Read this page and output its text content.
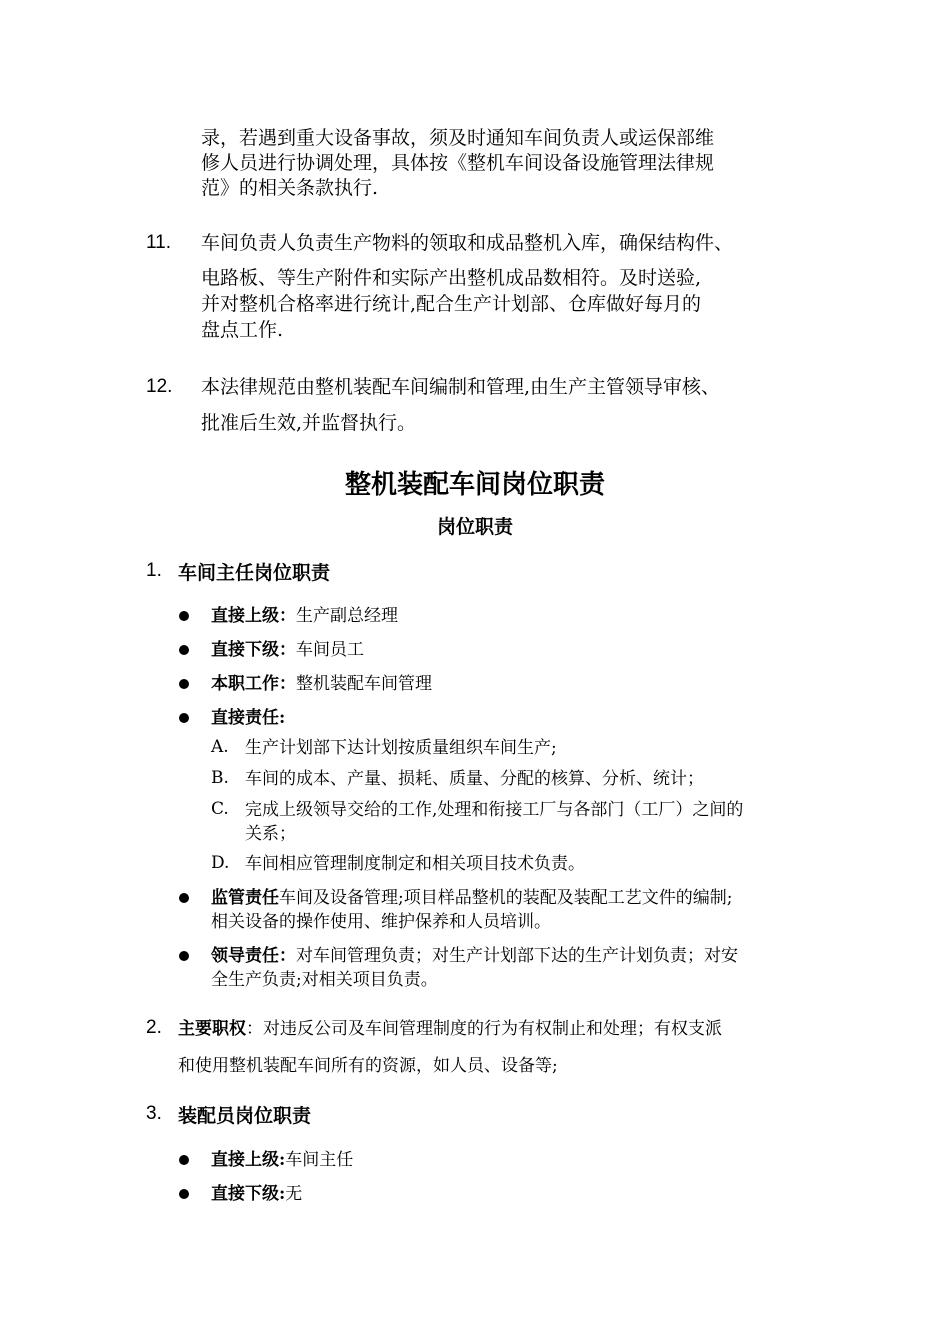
录，若遇到重大设备事故，须及时通知车间负责人或运保部维
修人员进行协调处理，具体按《整机车间设备设施管理法律规
范》的相关条款执行.
11. 车间负责人负责生产物料的领取和成品整机入库，确保结构件、
电路板、等生产附件和实际产出整机成品数相符。及时送验,
并对整机合格率进行统计,配合生产计划部、仓库做好每月的
盘点工作.
12. 本法律规范由整机装配车间编制和管理,由生产主管领导审核、
批准后生效,并监督执行。
整机装配车间岗位职责
岗位职责
1. 车间主任岗位职责
直接上级：生产副总经理
直接下级：车间员工
本职工作：整机装配车间管理
直接责任:
A. 生产计划部下达计划按质量组织车间生产;
B. 车间的成本、产量、损耗、质量、分配的核算、分析、统计；
C. 完成上级领导交给的工作,处理和衔接工厂与各部门（工厂）之间的
关系；
D. 车间相应管理制度制定和相关项目技术负责。
监管责任车间及设备管理;项目样品整机的装配及装配工艺文件的编制;
相关设备的操作使用、维护保养和人员培训。
领导责任：对车间管理负责；对生产计划部下达的生产计划负责；对安
全生产负责;对相关项目负责。
2. 主要职权：对违反公司及车间管理制度的行为有权制止和处理；有权支派
和使用整机装配车间所有的资源，如人员、设备等;
3. 装配员岗位职责
直接上级:车间主任
直接下级:无
